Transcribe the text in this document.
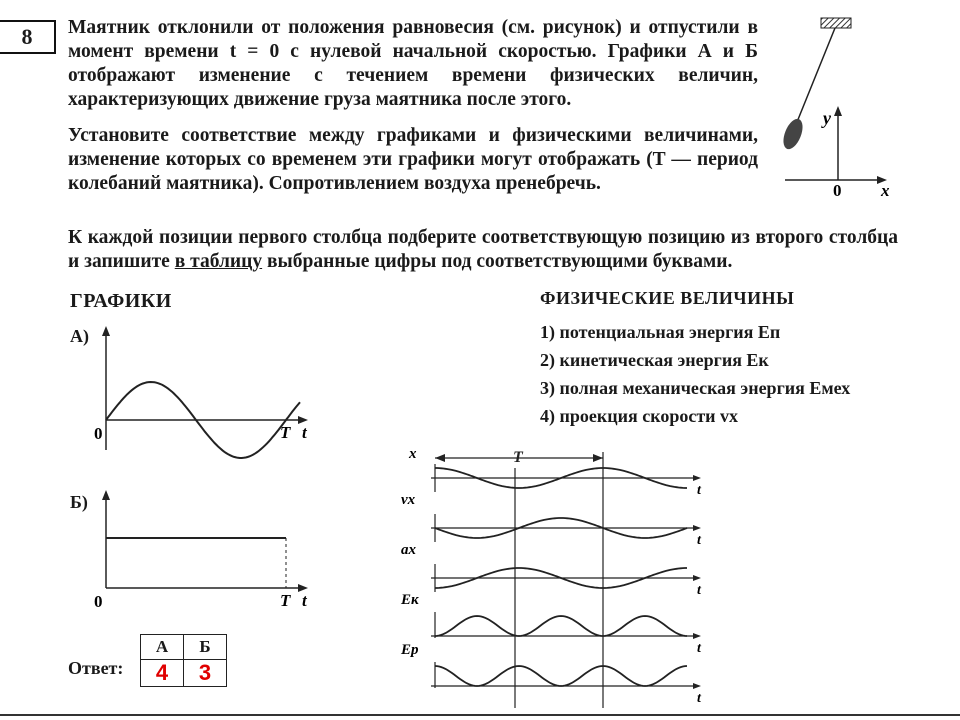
8	Маятник отклонили от положения равновесия (см. рисунок) и отпустили в момент времени t = 0 с нулевой начальной скоростью. Графики А и Б отображают изменение с течением времени физических величин, характеризующих движение груза маятника после этого.
Установите соответствие между графиками и физическими величинами, изменение которых со временем эти графики могут отображать (T — период колебаний маятника). Сопротивлением воздуха пренебречь.
К каждой позиции первого столбца подберите соответствующую позицию из второго столбца и запишите в таблицу выбранные цифры под соответствующими буквами.
y
0 x
ГРАФИКИ	ФИЗИЧЕСКИЕ ВЕЛИЧИНЫ
1) потенциальная энергия Eп
2) кинетическая энергия Eк
3) полная механическая энергия Eмех
4) проекция скорости vx
А)
0	T t
Б)
0	T t
Ответ:
А	Б
4	3
t
t
t
t
t
T
x
vx
ax
Eк
Eр
